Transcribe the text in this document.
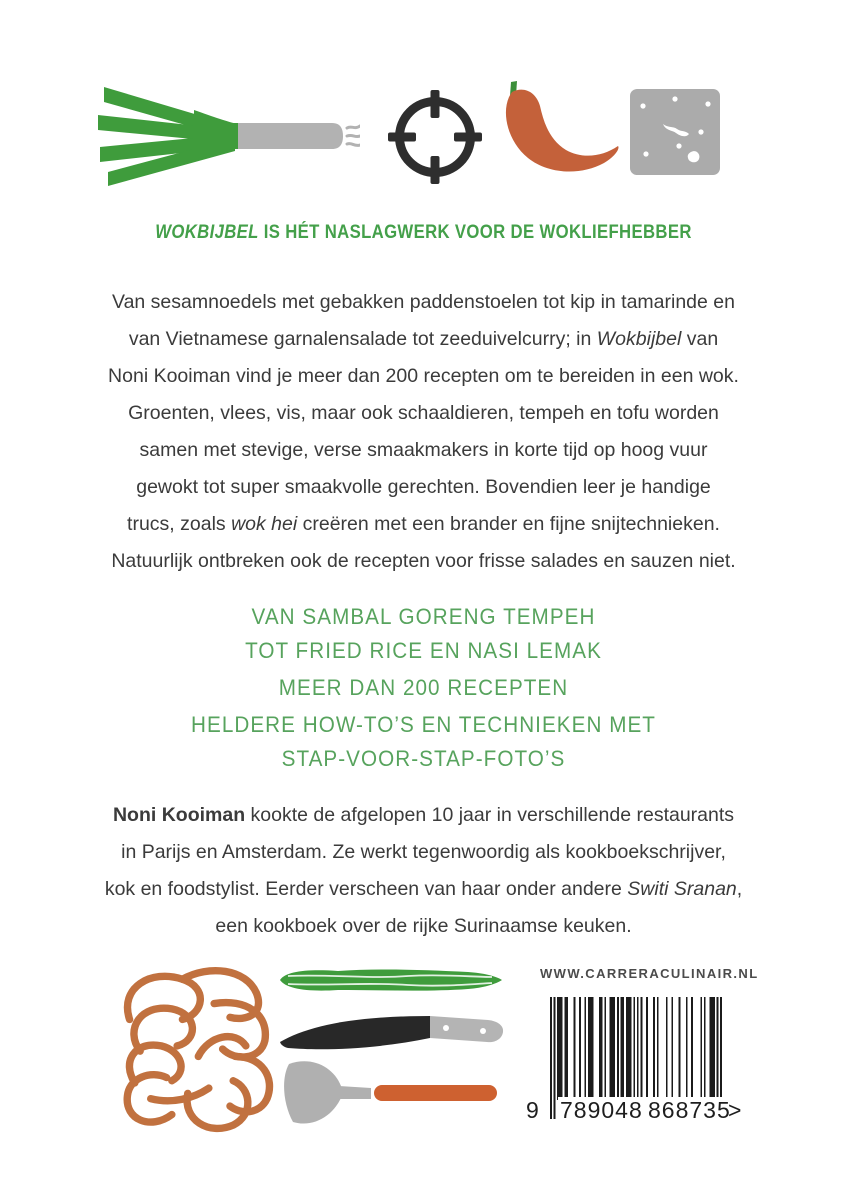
WOKBIJBEL IS HÉT NASLAGWERK VOOR DE WOKLIEFHEBBER
Van sesamnoedels met gebakken paddenstoelen tot kip in tamarinde en
van Vietnamese garnalensalade tot zeeduivelcurry; in Wokbijbel van
Noni Kooiman vind je meer dan 200 recepten om te bereiden in een wok.
Groenten, vlees, vis, maar ook schaaldieren, tempeh en tofu worden
samen met stevige, verse smaakmakers in korte tijd op hoog vuur
gewokt tot super smaakvolle gerechten. Bovendien leer je handige
trucs, zoals wok hei creëren met een brander en fijne snijtechnieken.
Natuurlijk ontbreken ook de recepten voor frisse salades en sauzen niet.
VAN SAMBAL GORENG TEMPEH
TOT FRIED RICE EN NASI LEMAK
MEER DAN 200 RECEPTEN
HELDERE HOW-TO’S EN TECHNIEKEN MET
STAP-VOOR-STAP-FOTO’S
Noni Kooiman kookte de afgelopen 10 jaar in verschillende restaurants
in Parijs en Amsterdam. Ze werkt tegenwoordig als kookboekschrijver,
kok en foodstylist. Eerder verscheen van haar onder andere Switi Sranan,
een kookboek over de rijke Surinaamse keuken.
WWW.CARRERACULINAIR.NL
9 789048 868735
>
